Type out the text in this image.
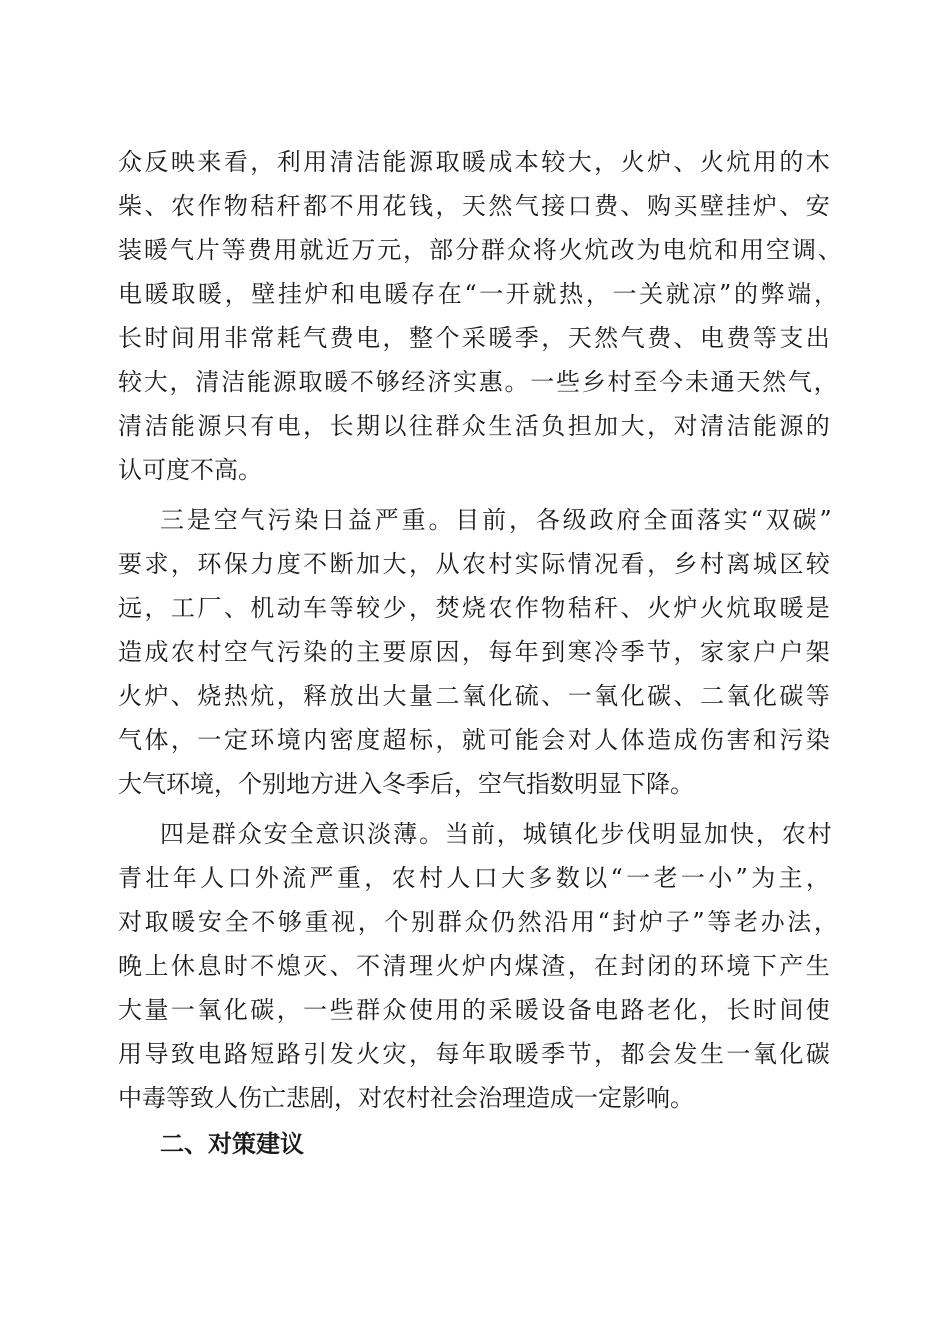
众 反 映 来 看 ， 利 用 清 洁 能 源 取 暖 成 本 较 大 ， 火 炉 、 火 炕 用 的 木
柴 、 农 作 物 秸 秆 都 不 用 花 钱 ， 天 然 气 接 口 费 、 购 买 壁 挂 炉 、 安
装 暖 气 片 等 费 用 就 近 万 元 ， 部 分 群 众 将 火 炕 改 为 电 炕 和 用 空 调 、
电 暖 取 暖 ， 壁 挂 炉 和 电 暖 存 在 “ 一 开 就 热 ， 一 关 就 凉 ” 的 弊 端 ，
长 时 间 用 非 常 耗 气 费 电 ， 整 个 采 暖 季 ， 天 然 气 费 、 电 费 等 支 出
较 大 ， 清 洁 能 源 取 暖 不 够 经 济 实 惠 。 一 些 乡 村 至 今 未 通 天 然 气 ，
清 洁 能 源 只 有 电 ， 长 期 以 往 群 众 生 活 负 担 加 大 ， 对 清 洁 能 源 的
认可度不高。
三 是 空 气 污 染 日 益 严 重 。 目 前 ， 各 级 政 府 全 面 落 实 “ 双 碳 ”
要 求 ， 环 保 力 度 不 断 加 大 ， 从 农 村 实 际 情 况 看 ， 乡 村 离 城 区 较
远 ， 工 厂 、 机 动 车 等 较 少 ， 焚 烧 农 作 物 秸 秆 、 火 炉 火 炕 取 暖 是
造 成 农 村 空 气 污 染 的 主 要 原 因 ， 每 年 到 寒 冷 季 节 ， 家 家 户 户 架
火 炉 、 烧 热 炕 ， 释 放 出 大 量 二 氧 化 硫 、 一 氧 化 碳 、 二 氧 化 碳 等
气 体 ， 一 定 环 境 内 密 度 超 标 ， 就 可 能 会 对 人 体 造 成 伤 害 和 污 染
大气环境，个别地方进入冬季后，空气指数明显下降。
四 是 群 众 安 全 意 识 淡 薄 。 当 前 ， 城 镇 化 步 伐 明 显 加 快 ， 农 村
青 壮 年 人 口 外 流 严 重 ， 农 村 人 口 大 多 数 以 “ 一 老 一 小 ” 为 主 ，
对 取 暖 安 全 不 够 重 视 ， 个 别 群 众 仍 然 沿 用 “ 封 炉 子 ” 等 老 办 法 ，
晚 上 休 息 时 不 熄 灭 、 不 清 理 火 炉 内 煤 渣 ， 在 封 闭 的 环 境 下 产 生
大 量 一 氧 化 碳 ， 一 些 群 众 使 用 的 采 暖 设 备 电 路 老 化 ， 长 时 间 使
用 导 致 电 路 短 路 引 发 火 灾 ， 每 年 取 暖 季 节 ， 都 会 发 生 一 氧 化 碳
中毒等致人伤亡悲剧，对农村社会治理造成一定影响。
二、对策建议
